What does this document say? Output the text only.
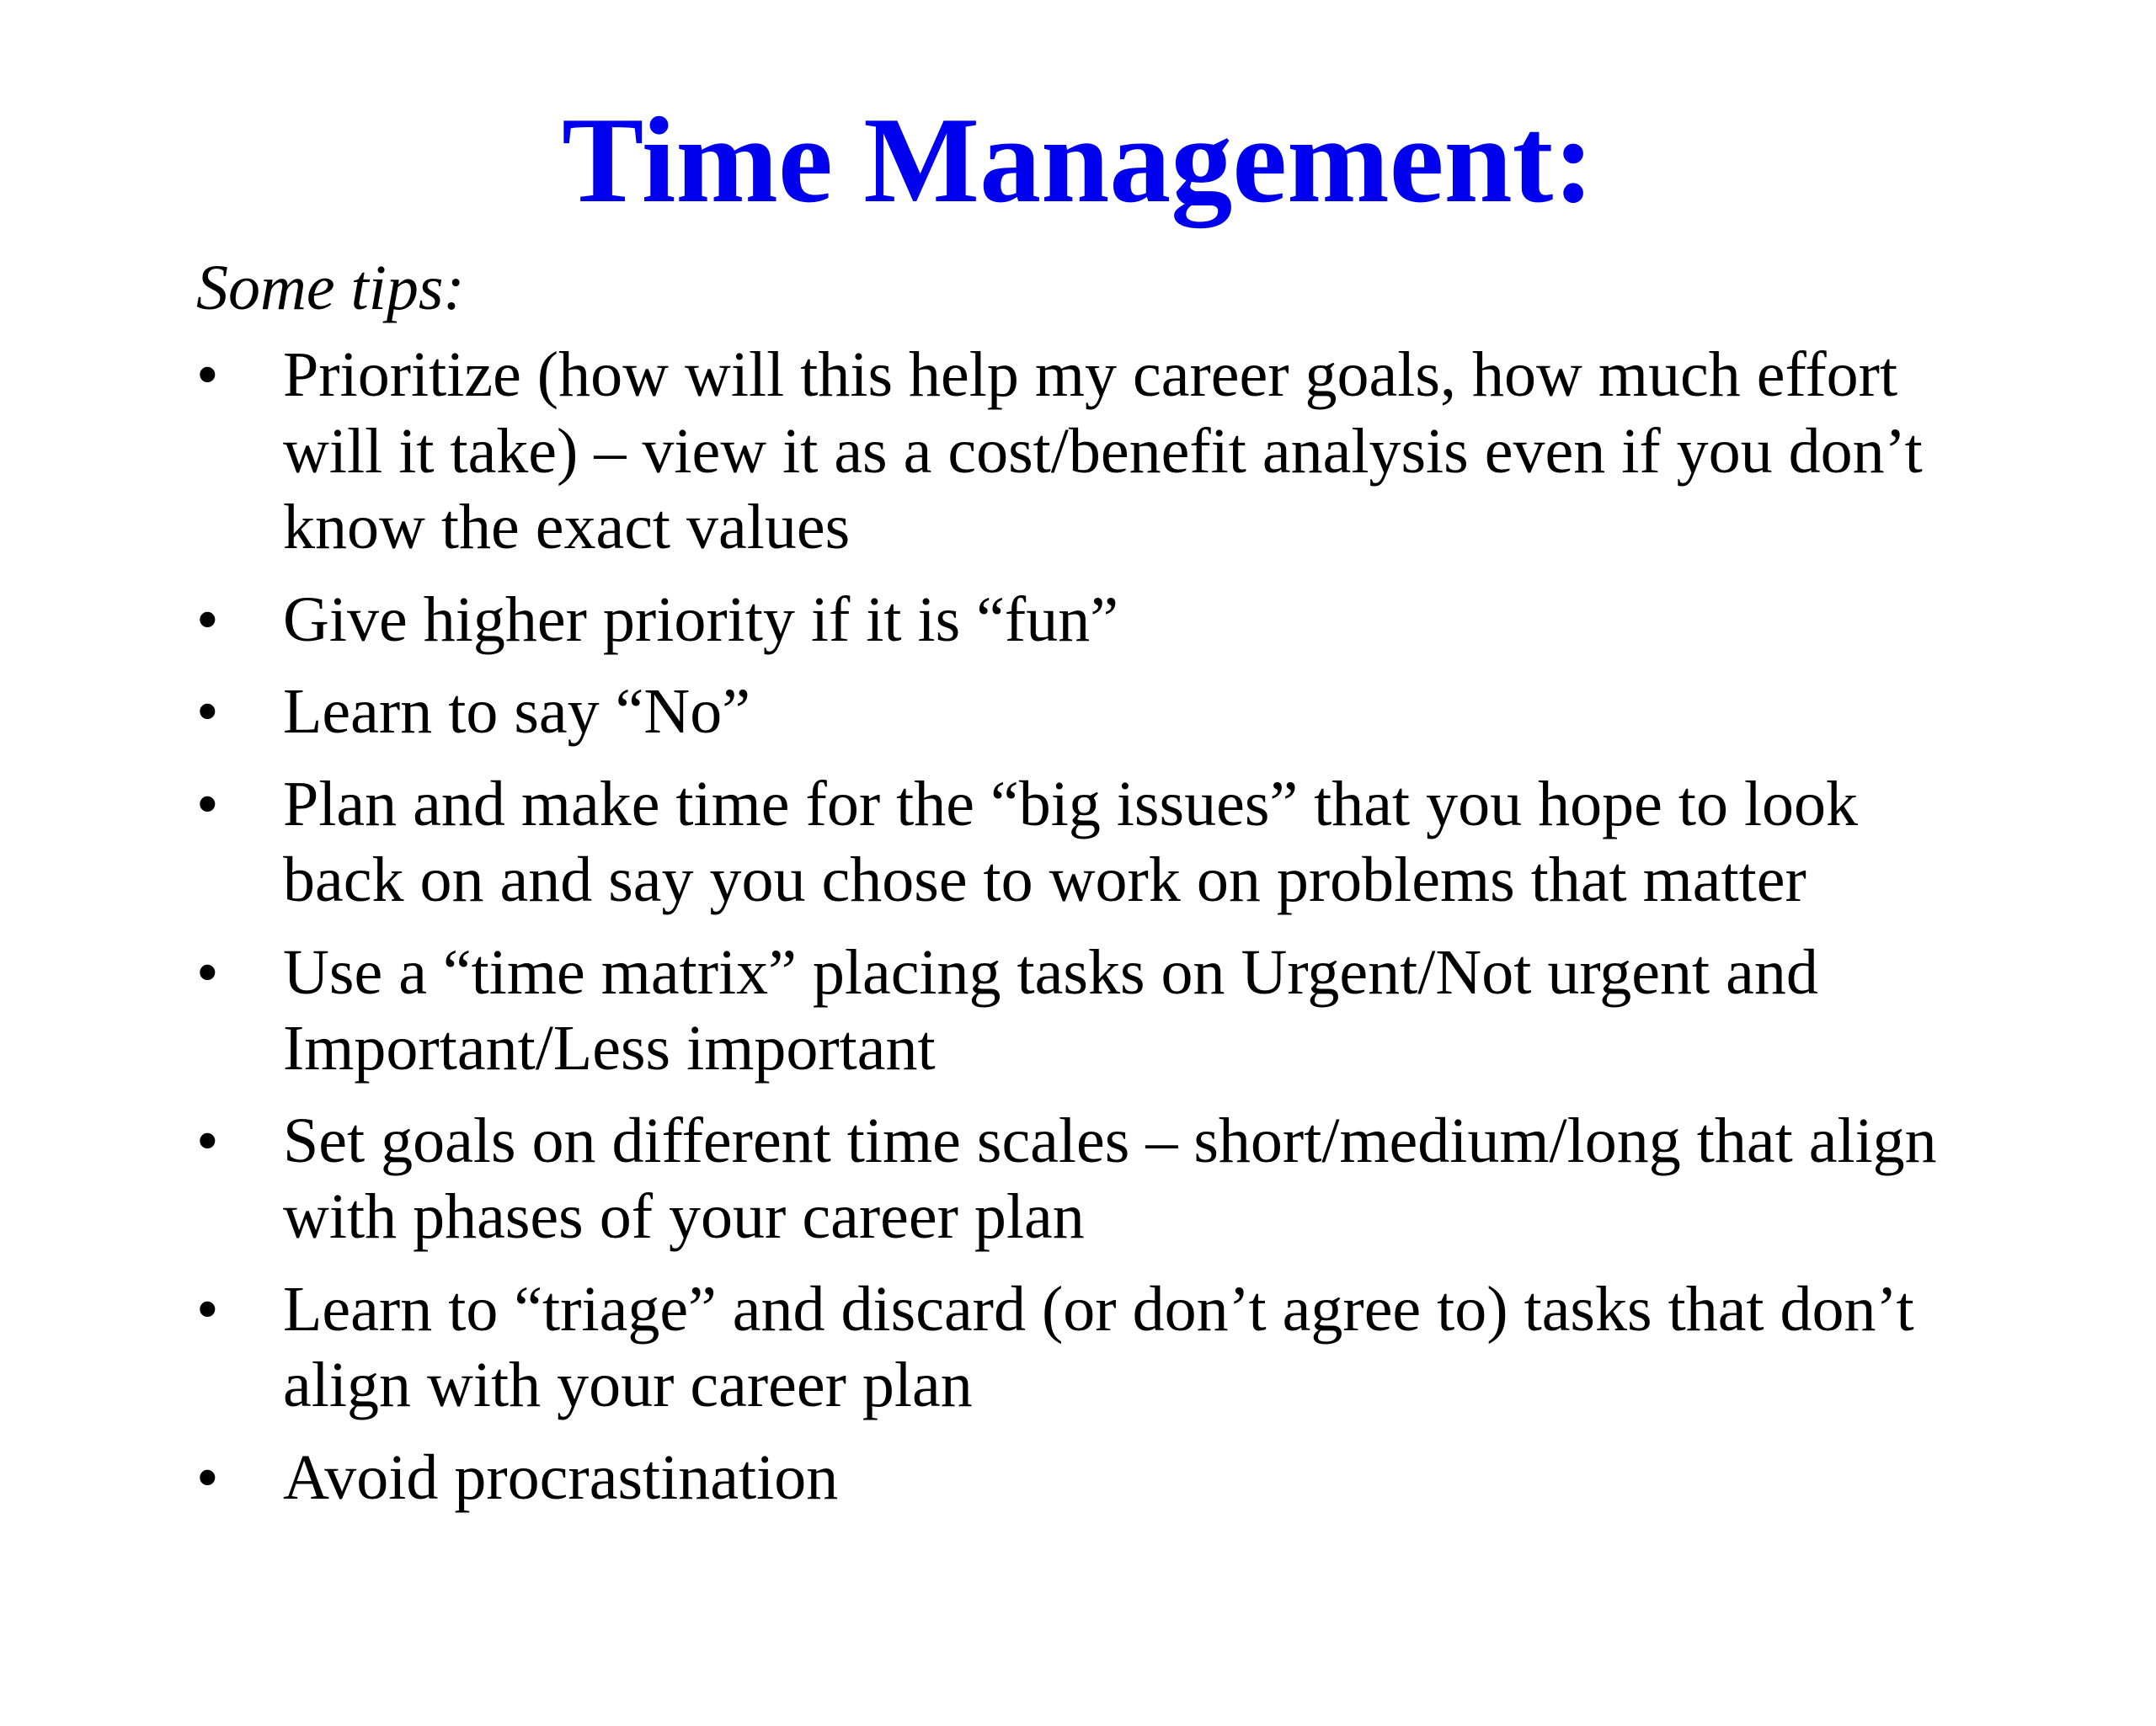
Time Management:

Some tips:

•	Prioritize (how will this help my career goals, how much effort will it take) – view it as a cost/benefit analysis even if you don’t know the exact values
•	Give higher priority if it is “fun”
•	Learn to say “No”
•	Plan and make time for the “big issues” that you hope to look back on and say you chose to work on problems that matter
•	Use a “time matrix” placing tasks on Urgent/Not urgent and Important/Less important
•	Set goals on different time scales – short/medium/long that align with phases of your career plan
•	Learn to “triage” and discard (or don’t agree to) tasks that don’t align with your career plan
•	Avoid procrastination
